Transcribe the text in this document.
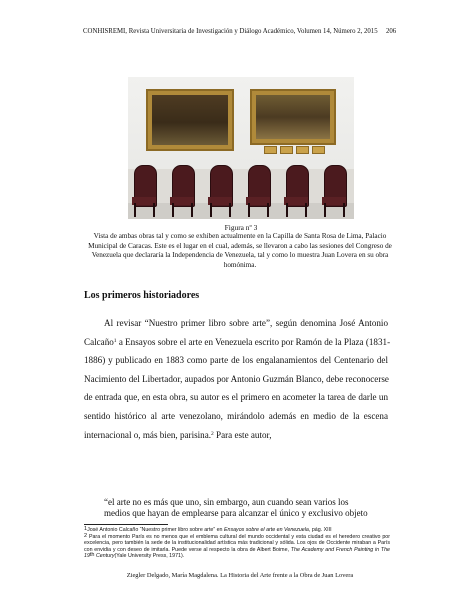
CONHISREMI, Revista Universitaria de Investigación y Diálogo Académico, Volumen 14, Número 2, 2015	206
Figura nº 3
Vista de ambas obras tal y como se exhiben actualmente en la Capilla de Santa Rosa de Lima, Palacio Municipal de Caracas. Este es el lugar en el cual, además, se llevaron a cabo las sesiones del Congreso de Venezuela que declararía la Independencia de Venezuela, tal y como lo muestra Juan Lovera en su obra homónima.
Los primeros historiadores
Al revisar “Nuestro primer libro sobre arte”, según denomina José Antonio
Calcaño$^1$ a Ensayos sobre el arte en Venezuela escrito por Ramón de la Plaza (1831-
1886) y publicado en 1883 como parte de los engalanamientos del Centenario del
Nacimiento del Libertador, aupados por Antonio Guzmán Blanco, debe reconocerse
de entrada que, en esta obra, su autor es el primero en acometer la tarea de darle un
sentido histórico al arte venezolano, mirándolo además en medio de la escena
internacional o, más bien, parisina.$^2$ Para este autor,
“el arte no es más que uno, sin embargo, aun cuando sean varios los
medios que hayan de emplearse para alcanzar el único y exclusivo objeto
$^1$José Antonio Calcaño “Nuestro primer libro sobre arte” en Ensayos sobre el arte en Venezuela, pág. XIII
$^2$ Para el momento París es no menos que el emblema cultural del mundo occidental y esta ciudad es el heredero creativo por excelencia, pero también la sede de la institucionalidad artística más tradicional y sólida. Los ojos de Occidente miraban a París con envidia y con deseo de imitarla. Puede verse al respecto la obra de Albert Boime, The Academy and French Painting in The 19th Century(Yale University Press, 1971).
Ziegler Delgado, María Magdalena. La Historia del Arte frente a la Obra de Juan Lovera
